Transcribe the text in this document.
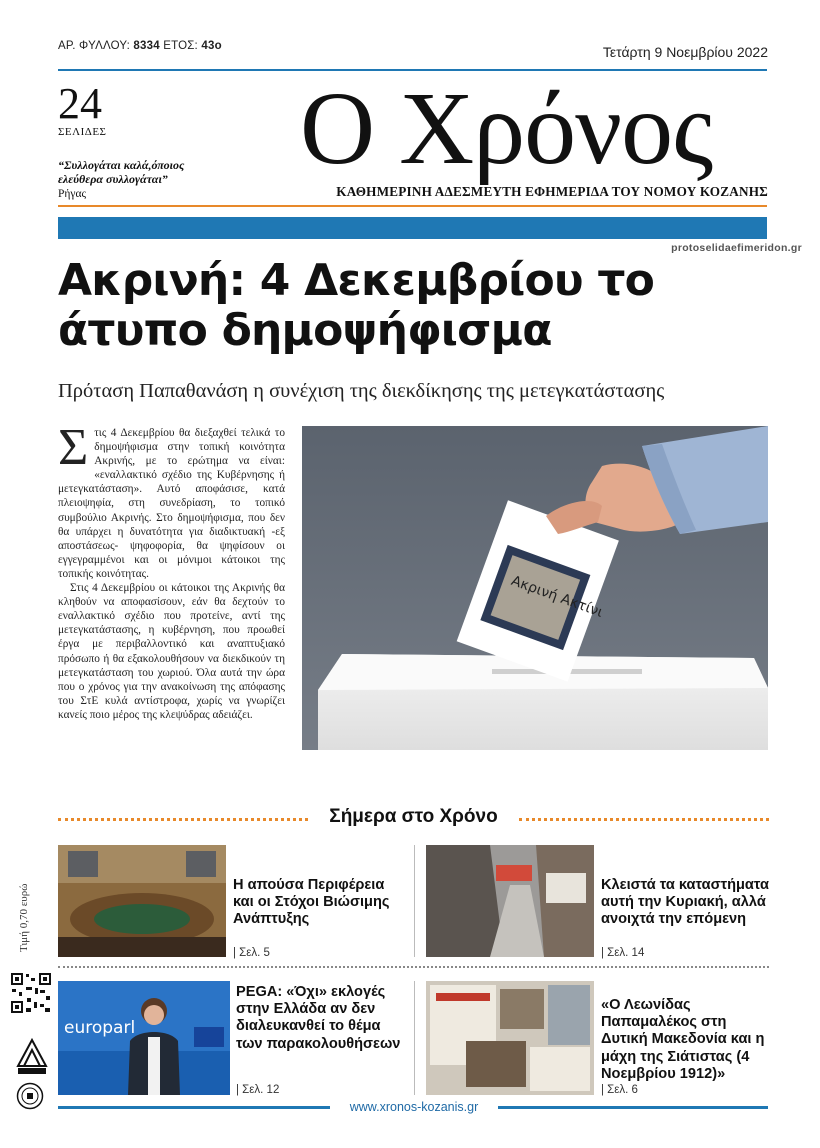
ΑΡ. ΦΥΛΛΟΥ: 8334 ΕΤΟΣ: 43ο	Τετάρτη 9 Νοεμβρίου 2022
24
ΣΕΛΙΔΕΣ
“Συλλογάται καλά,όποιος ελεύθερα συλλογάται”
Ρήγας
Ο Χρόνος
ΚΑΘΗΜΕΡΙΝΗ ΑΔΕΣΜΕΥΤΗ ΕΦΗΜΕΡΙΔΑ ΤΟΥ ΝΟΜΟΥ ΚΟΖΑΝΗΣ
protoselidaefimeridon.gr
Ακρινή: 4 Δεκεμβρίου το άτυπο δημοψήφισμα
Πρόταση Παπαθανάση η συνέχιση της διεκδίκησης της μετεγκατάστασης

Στις 4 Δεκεμβρίου θα διεξαχθεί τελικά το δημοψήφισμα στην τοπική κοινότητα Ακρινής, με το ερώτημα να είναι: «εναλλακτικό σχέδιο της Κυβέρνησης ή μετεγκατάσταση». Αυτό αποφάσισε, κατά πλειοψηφία, στη συνεδρίαση, το τοπικό συμβούλιο Ακρινής. Στο δημοψήφισμα, που δεν θα υπάρχει η δυνατότητα για διαδικτυακή -εξ αποστάσεως- ψηφοφορία, θα ψηφίσουν οι εγγεγραμμένοι και οι μόνιμοι κάτοικοι της τοπικής κοινότητας.

Στις 4 Δεκεμβρίου οι κάτοικοι της Ακρινής θα κληθούν να αποφασίσουν, εάν θα δεχτούν το εναλλακτικό σχέδιο που προτείνε, αντί της μετεγκατάστασης, η κυβέρνηση, που προωθεί έργα με περιβαλλοντικό και αναπτυξιακό πρόσωπο ή θα εξακολουθήσουν να διεκδικούν τη μετεγκατάσταση του χωριού. Όλα αυτά την ώρα που ο χρόνος για την ανακοίνωση της απόφασης του ΣτΕ κυλά αντίστροφα, χωρίς να γνωρίζει κανείς ποιο μέρος της κλεψύδρας αδειάζει.

Ακρινή Ακτίνι
Σήμερα στο Χρόνο
Η απούσα Περιφέρεια και οι Στόχοι Βιώσιμης Ανάπτυξης
| Σελ. 5
Κλειστά τα καταστήματα αυτή την Κυριακή, αλλά ανοιχτά την επόμενη
| Σελ. 14
europarl
PEGA: «Όχι» εκλογές στην Ελλάδα αν δεν διαλευκανθεί το θέμα των παρακολουθήσεων
| Σελ. 12
«Ο Λεωνίδας Παπαμαλέκος στη Δυτική Μακεδονία και η μάχη της Σιάτιστας (4 Νοεμβρίου 1912)»
| Σελ. 6
Τιμή 0,70 ευρώ
www.xronos-kozanis.gr
